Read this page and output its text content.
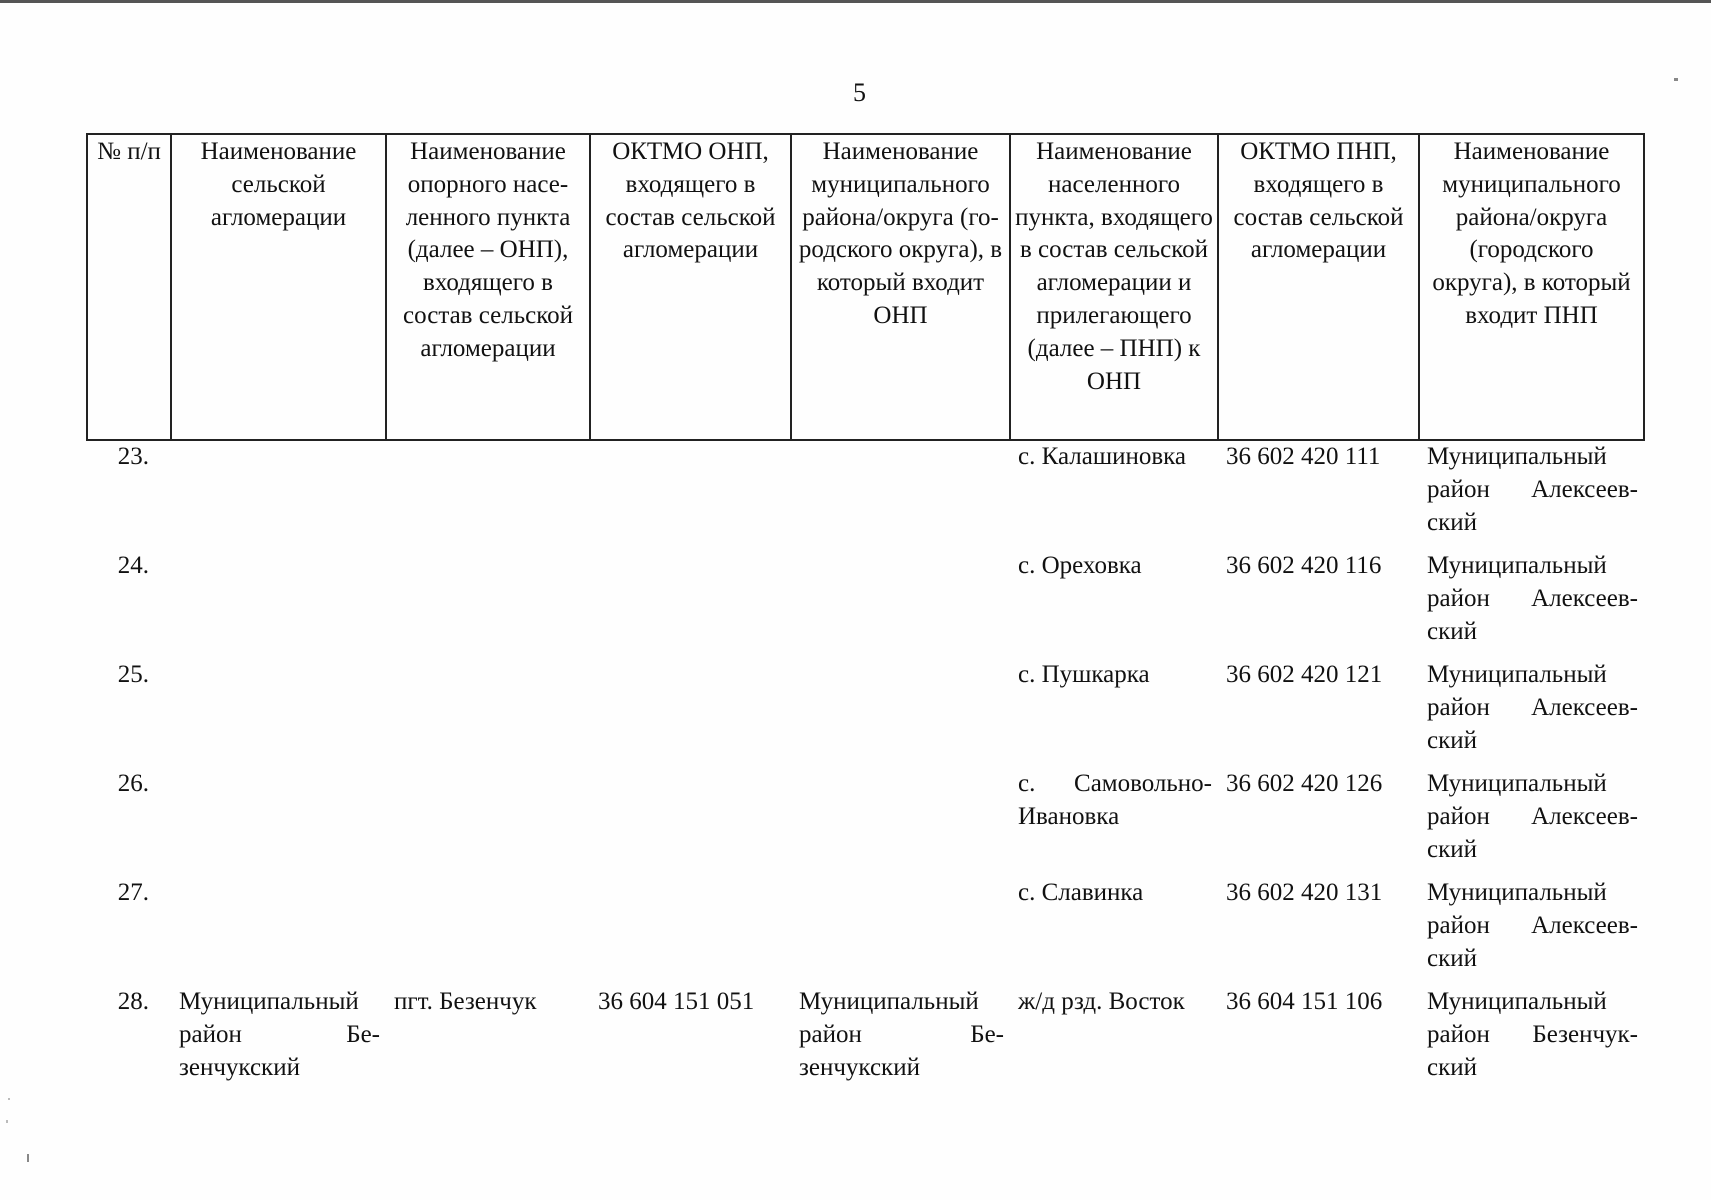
5
№ п/п	Наименование сельской агломерации	Наименование опорного населенного пункта (далее – ОНП), входящего в состав сельской агломерации	ОКТМО ОНП, входящего в состав сельской агломерации	Наименование муниципального района/округа (городского округа), в который входит ОНП	Наименование населенного пункта, входящего в состав сельской агломерации и прилегающего (далее – ПНП) к ОНП	ОКТМО ПНП, входящего в состав сельской агломерации	Наименование муниципального района/округа (городского округа), в который входит ПНП
23.					с. Калашиновка	36 602 420 111	Муниципальный район Алексеевский
24.					с. Ореховка	36 602 420 116	Муниципальный район Алексеевский
25.					с. Пушкарка	36 602 420 121	Муниципальный район Алексеевский
26.					с. Самовольно-Ивановка	36 602 420 126	Муниципальный район Алексеевский
27.					с. Славинка	36 602 420 131	Муниципальный район Алексеевский
28.	Муниципальный район Безенчукский	пгт. Безенчук	36 604 151 051	Муниципальный район Безенчукский	ж/д рзд. Восток	36 604 151 106	Муниципальный район Безенчукский
